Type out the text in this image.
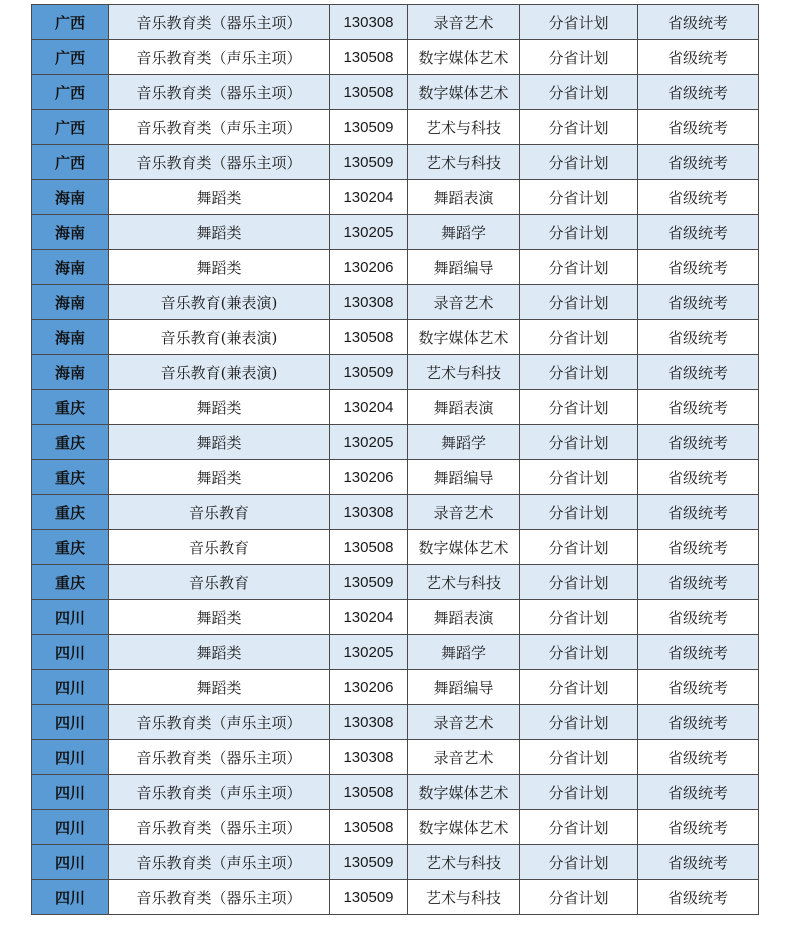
广西	音乐教育类（器乐主项）	130308	录音艺术	分省计划	省级统考
广西	音乐教育类（声乐主项）	130508	数字媒体艺术	分省计划	省级统考
广西	音乐教育类（器乐主项）	130508	数字媒体艺术	分省计划	省级统考
广西	音乐教育类（声乐主项）	130509	艺术与科技	分省计划	省级统考
广西	音乐教育类（器乐主项）	130509	艺术与科技	分省计划	省级统考
海南	舞蹈类	130204	舞蹈表演	分省计划	省级统考
海南	舞蹈类	130205	舞蹈学	分省计划	省级统考
海南	舞蹈类	130206	舞蹈编导	分省计划	省级统考
海南	音乐教育(兼表演)	130308	录音艺术	分省计划	省级统考
海南	音乐教育(兼表演)	130508	数字媒体艺术	分省计划	省级统考
海南	音乐教育(兼表演)	130509	艺术与科技	分省计划	省级统考
重庆	舞蹈类	130204	舞蹈表演	分省计划	省级统考
重庆	舞蹈类	130205	舞蹈学	分省计划	省级统考
重庆	舞蹈类	130206	舞蹈编导	分省计划	省级统考
重庆	音乐教育	130308	录音艺术	分省计划	省级统考
重庆	音乐教育	130508	数字媒体艺术	分省计划	省级统考
重庆	音乐教育	130509	艺术与科技	分省计划	省级统考
四川	舞蹈类	130204	舞蹈表演	分省计划	省级统考
四川	舞蹈类	130205	舞蹈学	分省计划	省级统考
四川	舞蹈类	130206	舞蹈编导	分省计划	省级统考
四川	音乐教育类（声乐主项）	130308	录音艺术	分省计划	省级统考
四川	音乐教育类（器乐主项）	130308	录音艺术	分省计划	省级统考
四川	音乐教育类（声乐主项）	130508	数字媒体艺术	分省计划	省级统考
四川	音乐教育类（器乐主项）	130508	数字媒体艺术	分省计划	省级统考
四川	音乐教育类（声乐主项）	130509	艺术与科技	分省计划	省级统考
四川	音乐教育类（器乐主项）	130509	艺术与科技	分省计划	省级统考
